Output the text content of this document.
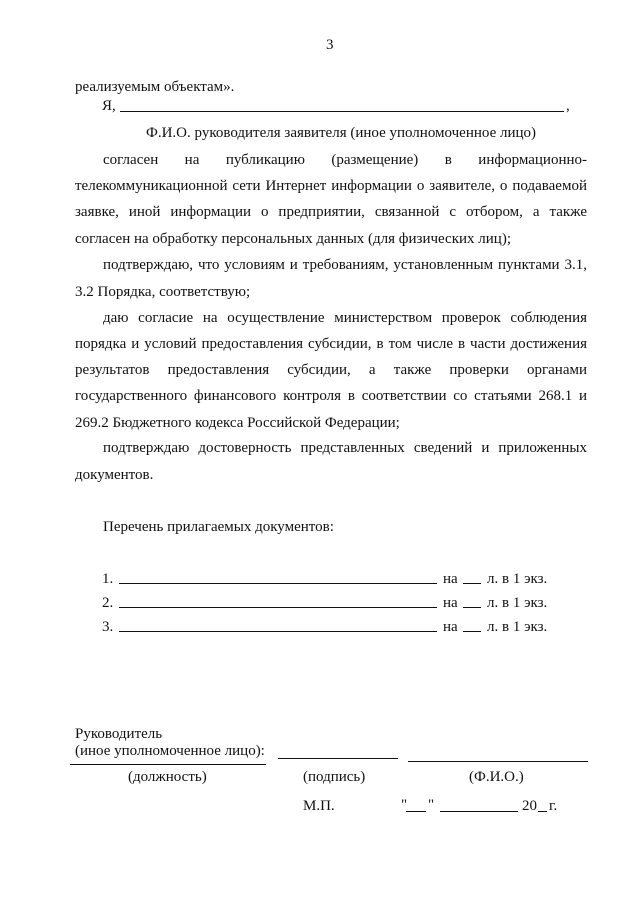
3
реализуемым объектам».
Я,	,
Ф.И.О. руководителя заявителя (иное уполномоченное лицо)
согласен на публикацию (размещение) в информационно-
телекоммуникационной сети Интернет информации о заявителе, о подаваемой
заявке, иной информации о предприятии, связанной с отбором, а также
согласен на обработку персональных данных (для физических лиц);
подтверждаю, что условиям и требованиям, установленным пунктами 3.1,
3.2 Порядка, соответствую;
даю согласие на осуществление министерством проверок соблюдения
порядка и условий предоставления субсидии, в том числе в части достижения
результатов предоставления субсидии, а также проверки органами
государственного финансового контроля в соответствии со статьями 268.1 и
269.2 Бюджетного кодекса Российской Федерации;
подтверждаю достоверность представленных сведений и приложенных
документов.
Перечень прилагаемых документов:
1.	на л. в 1 экз.
2.	на л. в 1 экз.
3.	на л. в 1 экз.
Руководитель
(иное уполномоченное лицо):
(должность)	(подпись)	(Ф.И.О.)
М.П.	" "	20 г.
